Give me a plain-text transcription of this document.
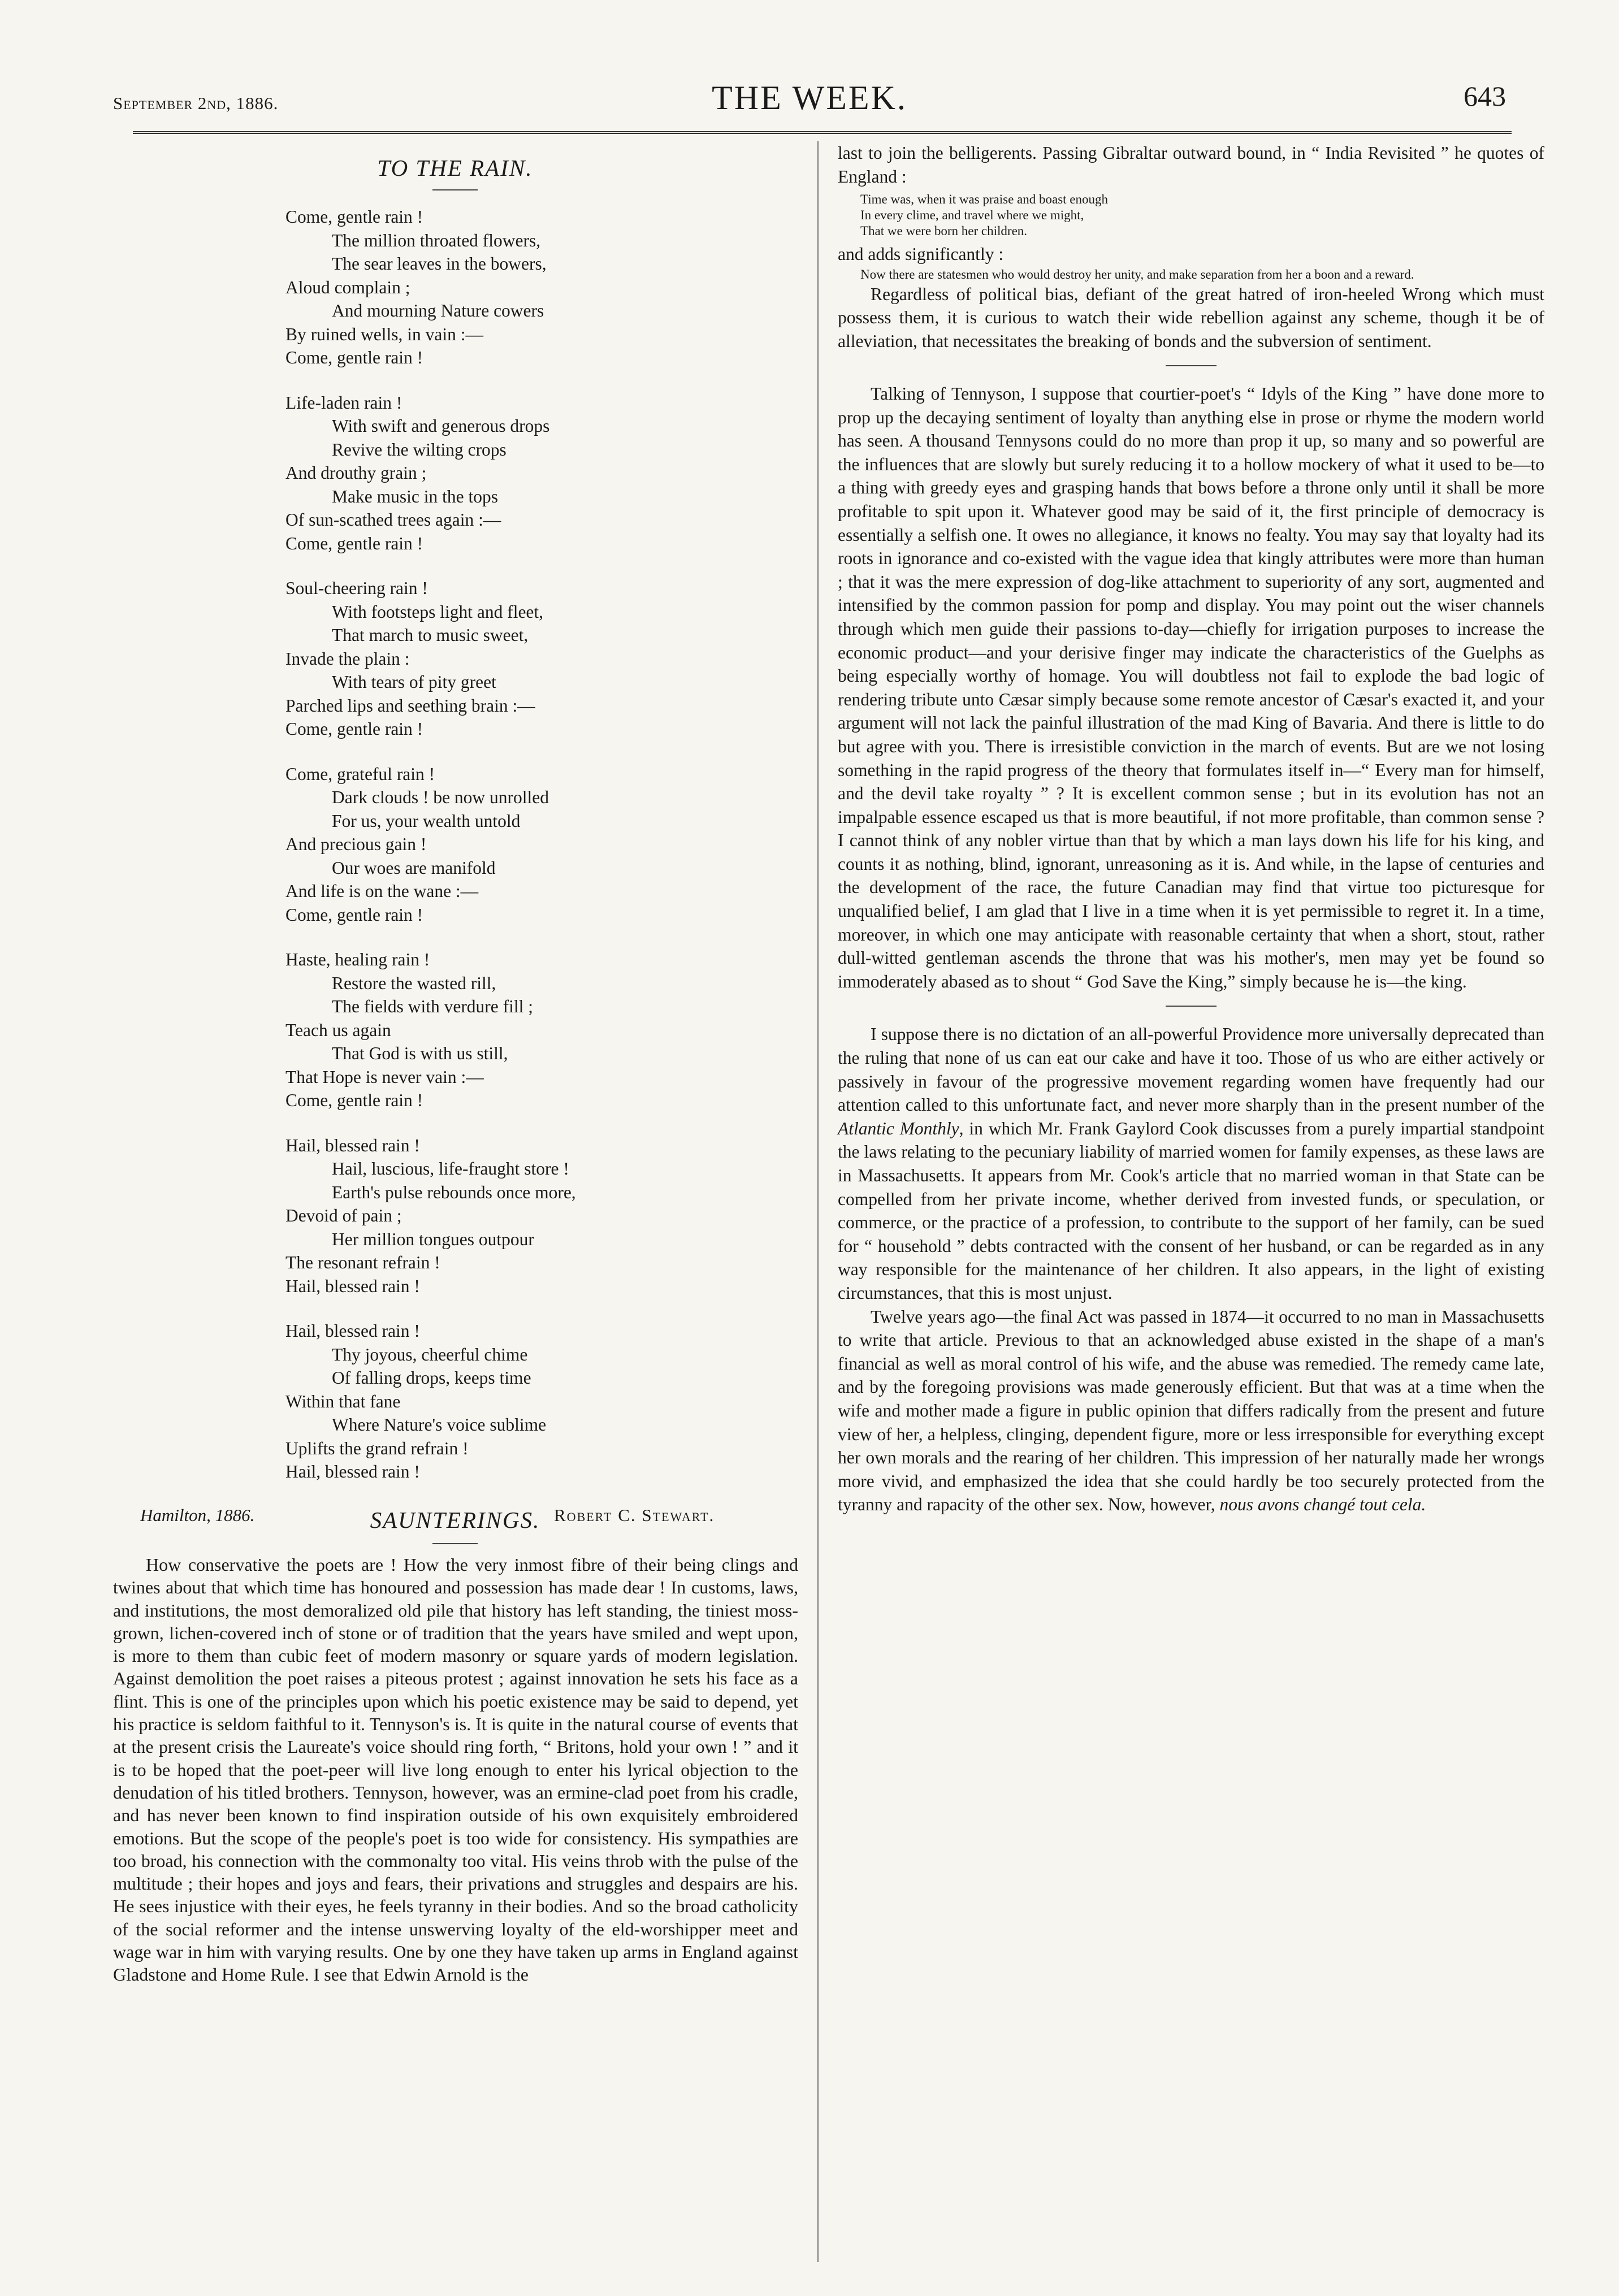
September 2nd, 1886.	THE WEEK.	643
TO THE RAIN.
Come, gentle rain !
The million throated flowers,
The sear leaves in the bowers,
Aloud complain ;
And mourning Nature cowers
By ruined wells, in vain :—
Come, gentle rain !
Life-laden rain !
With swift and generous drops
Revive the wilting crops
And drouthy grain ;
Make music in the tops
Of sun-scathed trees again :—
Come, gentle rain !
Soul-cheering rain !
With footsteps light and fleet,
That march to music sweet,
Invade the plain :
With tears of pity greet
Parched lips and seething brain :—
Come, gentle rain !
Come, grateful rain !
Dark clouds ! be now unrolled
For us, your wealth untold
And precious gain !
Our woes are manifold
And life is on the wane :—
Come, gentle rain !
Haste, healing rain !
Restore the wasted rill,
The fields with verdure fill ;
Teach us again
That God is with us still,
That Hope is never vain :—
Come, gentle rain !
Hail, blessed rain !
Hail, luscious, life-fraught store !
Earth's pulse rebounds once more,
Devoid of pain ;
Her million tongues outpour
The resonant refrain !
Hail, blessed rain !
Hail, blessed rain !
Thy joyous, cheerful chime
Of falling drops, keeps time
Within that fane
Where Nature's voice sublime
Uplifts the grand refrain !
Hail, blessed rain !
Hamilton, 1886.	Robert C. Stewart.
SAUNTERINGS.

How conservative the poets are ! How the very inmost fibre of their being clings and twines about that which time has honoured and possession has made dear ! In customs, laws, and institutions, the most demoralized old pile that history has left standing, the tiniest moss-grown, lichen-covered inch of stone or of tradition that the years have smiled and wept upon, is more to them than cubic feet of modern masonry or square yards of modern legislation. Against demolition the poet raises a piteous protest ; against innovation he sets his face as a flint. This is one of the principles upon which his poetic existence may be said to depend, yet his practice is seldom faithful to it. Tennyson's is. It is quite in the natural course of events that at the present crisis the Laureate's voice should ring forth, “ Britons, hold your own ! ” and it is to be hoped that the poet-peer will live long enough to enter his lyrical objection to the denudation of his titled brothers. Tennyson, however, was an ermine-clad poet from his cradle, and has never been known to find inspiration outside of his own exquisitely embroidered emotions. But the scope of the people's poet is too wide for consistency. His sympathies are too broad, his connection with the commonalty too vital. His veins throb with the pulse of the multitude ; their hopes and joys and fears, their privations and struggles and despairs are his. He sees injustice with their eyes, he feels tyranny in their bodies. And so the broad catholicity of the social reformer and the intense unswerving loyalty of the eld-worshipper meet and wage war in him with varying results. One by one they have taken up arms in England against Gladstone and Home Rule. I see that Edwin Arnold is the

last to join the belligerents. Passing Gibraltar outward bound, in “ India Revisited ” he quotes of England :

Time was, when it was praise and boast enough
In every clime, and travel where we might,
That we were born her children.

and adds significantly :

Now there are statesmen who would destroy her unity, and make separation from her a boon and a reward.

Regardless of political bias, defiant of the great hatred of iron-heeled Wrong which must possess them, it is curious to watch their wide rebellion against any scheme, though it be of alleviation, that necessitates the breaking of bonds and the subversion of sentiment.

Talking of Tennyson, I suppose that courtier-poet's “ Idyls of the King ” have done more to prop up the decaying sentiment of loyalty than anything else in prose or rhyme the modern world has seen. A thousand Tennysons could do no more than prop it up, so many and so powerful are the influences that are slowly but surely reducing it to a hollow mockery of what it used to be—to a thing with greedy eyes and grasping hands that bows before a throne only until it shall be more profitable to spit upon it. Whatever good may be said of it, the first principle of democracy is essentially a selfish one. It owes no allegiance, it knows no fealty. You may say that loyalty had its roots in ignorance and co-existed with the vague idea that kingly attributes were more than human ; that it was the mere expression of dog-like attachment to superiority of any sort, augmented and intensified by the common passion for pomp and display. You may point out the wiser channels through which men guide their passions to-day—chiefly for irrigation purposes to increase the economic product—and your derisive finger may indicate the characteristics of the Guelphs as being especially worthy of homage. You will doubtless not fail to explode the bad logic of rendering tribute unto Cæsar simply because some remote ancestor of Cæsar's exacted it, and your argument will not lack the painful illustration of the mad King of Bavaria. And there is little to do but agree with you. There is irresistible conviction in the march of events. But are we not losing something in the rapid progress of the theory that formulates itself in—“ Every man for himself, and the devil take royalty ” ? It is excellent common sense ; but in its evolution has not an impalpable essence escaped us that is more beautiful, if not more profitable, than common sense ? I cannot think of any nobler virtue than that by which a man lays down his life for his king, and counts it as nothing, blind, ignorant, unreasoning as it is. And while, in the lapse of centuries and the development of the race, the future Canadian may find that virtue too picturesque for unqualified belief, I am glad that I live in a time when it is yet permissible to regret it. In a time, moreover, in which one may anticipate with reasonable certainty that when a short, stout, rather dull-witted gentleman ascends the throne that was his mother's, men may yet be found so immoderately abased as to shout “ God Save the King,” simply because he is—the king.

I suppose there is no dictation of an all-powerful Providence more universally deprecated than the ruling that none of us can eat our cake and have it too. Those of us who are either actively or passively in favour of the progressive movement regarding women have frequently had our attention called to this unfortunate fact, and never more sharply than in the present number of the Atlantic Monthly, in which Mr. Frank Gaylord Cook discusses from a purely impartial standpoint the laws relating to the pecuniary liability of married women for family expenses, as these laws are in Massachusetts. It appears from Mr. Cook's article that no married woman in that State can be compelled from her private income, whether derived from invested funds, or speculation, or commerce, or the practice of a profession, to contribute to the support of her family, can be sued for “ household ” debts contracted with the consent of her husband, or can be regarded as in any way responsible for the maintenance of her children. It also appears, in the light of existing circumstances, that this is most unjust.

Twelve years ago—the final Act was passed in 1874—it occurred to no man in Massachusetts to write that article. Previous to that an acknowledged abuse existed in the shape of a man's financial as well as moral control of his wife, and the abuse was remedied. The remedy came late, and by the foregoing provisions was made generously efficient. But that was at a time when the wife and mother made a figure in public opinion that differs radically from the present and future view of her, a helpless, clinging, dependent figure, more or less irresponsible for everything except her own morals and the rearing of her children. This impression of her naturally made her wrongs more vivid, and emphasized the idea that she could hardly be too securely protected from the tyranny and rapacity of the other sex. Now, however, nous avons changé tout cela.
